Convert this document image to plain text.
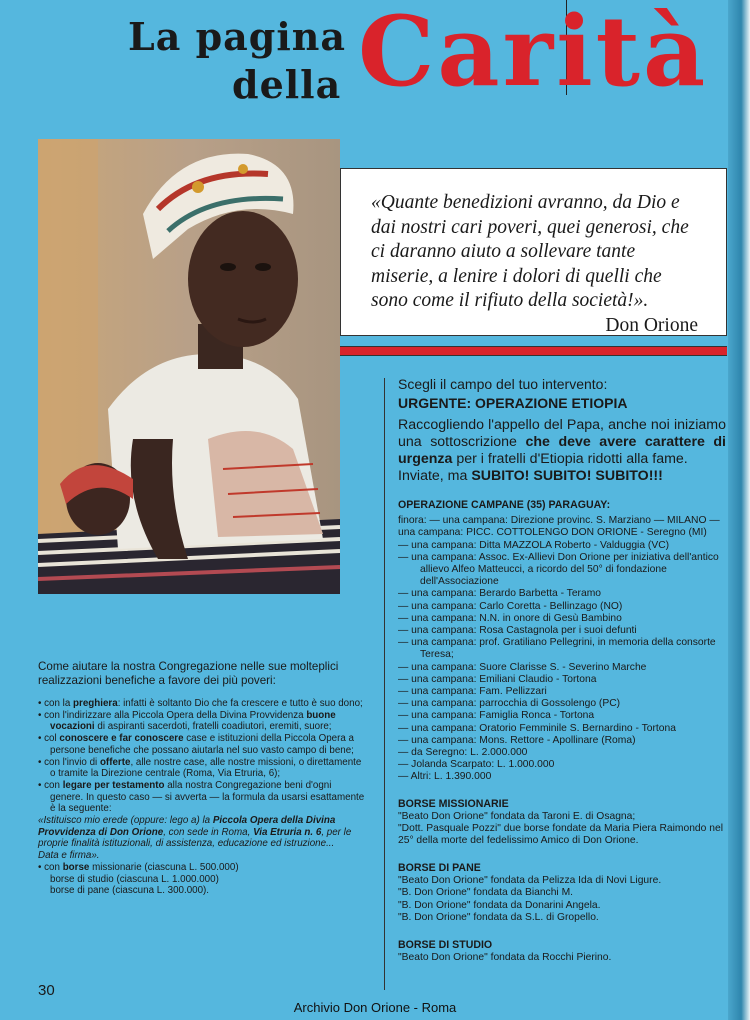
La pagina
della Carità
«Quante benedizioni avranno, da Dio e dai nostri cari poveri, quei generosi, che ci daranno aiuto a sollevare tante miserie, a lenire i dolori di quelli che sono come il rifiuto della società!».
Don Orione
Scegli il campo del tuo intervento:
URGENTE: OPERAZIONE ETIOPIA
Raccogliendo l'appello del Papa, anche noi iniziamo una sottoscrizione che deve avere carattere di urgenza per i fratelli d'Etiopia ridotti alla fame.
Inviate, ma SUBITO! SUBITO! SUBITO!!!
OPERAZIONE CAMPANE (35) PARAGUAY:
finora: — una campana: Direzione provinc. S. Marziano — MILANO — una campana: PICC. COTTOLENGO DON ORIONE - Seregno (MI)
— una campana: Ditta MAZZOLA Roberto - Valduggia (VC)
— una campana: Assoc. Ex-Allievi Don Orione per iniziativa dell'antico allievo Alfeo Matteucci, a ricordo del 50° di fondazione dell'Associazione
— una campana: Berardo Barbetta - Teramo
— una campana: Carlo Coretta - Bellinzago (NO)
— una campana: N.N. in onore di Gesù Bambino
— una campana: Rosa Castagnola per i suoi defunti
— una campana: prof. Gratiliano Pellegrini, in memoria della consorte Teresa;
— una campana: Suore Clarisse S. - Severino Marche
— una campana: Emiliani Claudio - Tortona
— una campana: Fam. Pellizzari
— una campana: parrocchia di Gossolengo (PC)
— una campana: Famiglia Ronca - Tortona
— una campana: Oratorio Femminile S. Bernardino - Tortona
— una campana: Mons. Rettore - Apollinare (Roma)
— da Seregno: L. 2.000.000
— Jolanda Scarpato: L. 1.000.000
— Altri: L. 1.390.000
BORSE MISSIONARIE
"Beato Don Orione" fondata da Taroni E. di Osagna;
"Dott. Pasquale Pozzi" due borse fondate da Maria Piera Raimondo nel 25° della morte del fedelissimo Amico di Don Orione.
BORSE DI PANE
"Beato Don Orione" fondata da Pelizza Ida di Novi Ligure.
"B. Don Orione" fondata da Bianchi M.
"B. Don Orione" fondata da Donarini Angela.
"B. Don Orione" fondata da S.L. di Gropello.
BORSE DI STUDIO
"Beato Don Orione" fondata da Rocchi Pierino.
Come aiutare la nostra Congregazione nelle sue molteplici realizzazioni benefiche a favore dei più poveri:
• con la preghiera: infatti è soltanto Dio che fa crescere e tutto è suo dono;
• con l'indirizzare alla Piccola Opera della Divina Provvidenza buone vocazioni di aspiranti sacerdoti, fratelli coadiutori, eremiti, suore;
• col conoscere e far conoscere case e istituzioni della Piccola Opera a persone benefiche che possano aiutarla nel suo vasto campo di bene;
• con l'invio di offerte, alle nostre case, alle nostre missioni, o direttamente o tramite la Direzione centrale (Roma, Via Etruria, 6);
• con legare per testamento alla nostra Congregazione beni d'ogni genere. In questo caso — si avverta — la formula da usarsi esattamente è la seguente:
«Istituisco mio erede (oppure: lego a) la Piccola Opera della Divina Provvidenza di Don Orione, con sede in Roma, Via Etruria n. 6, per le proprie finalità istituzionali, di assistenza, educazione ed istruzione...
Data e firma».
• con borse missionarie (ciascuna L. 500.000)
borse di studio (ciascuna L. 1.000.000)
borse di pane (ciascuna L. 300.000).
30
Archivio Don Orione - Roma
